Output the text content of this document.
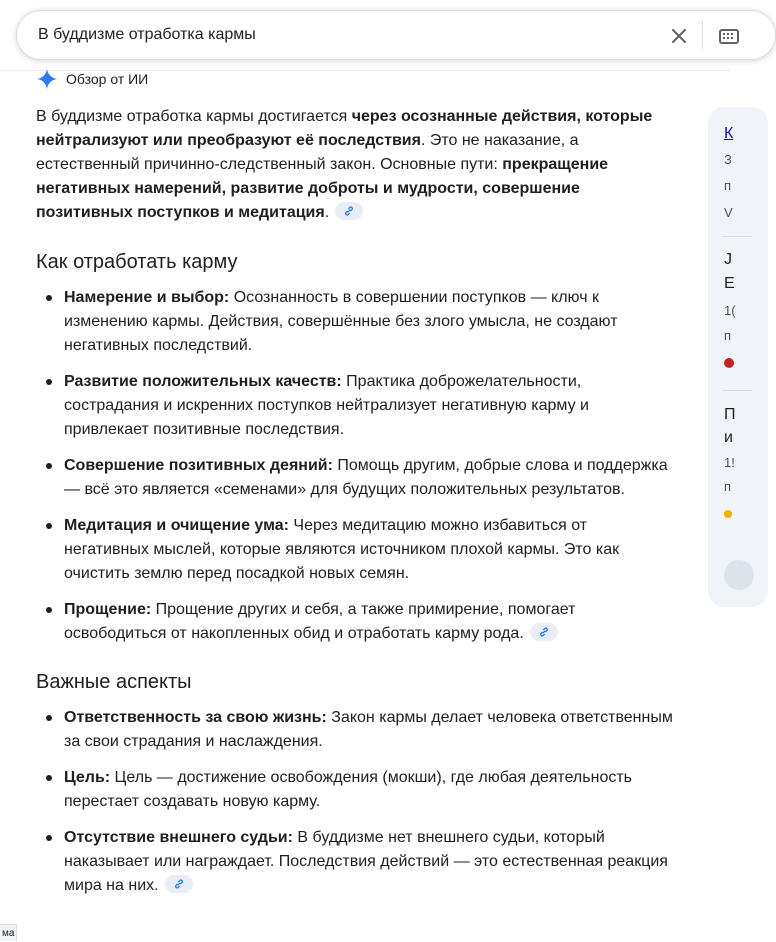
В буддизме отработка кармы
Обзор от ИИ

В буддизме отработка кармы достигается через осознанные действия, которые нейтрализуют или преобразуют её последствия. Это не наказание, а естественный причинно-следственный закон. Основные пути: прекращение негативных намерений, развитие доброты и мудрости, совершение позитивных поступков и медитация.

Как отработать карму
Намерение и выбор: Осознанность в совершении поступков — ключ к изменению кармы. Действия, совершённые без злого умысла, не создают негативных последствий.
Развитие положительных качеств: Практика доброжелательности, сострадания и искренних поступков нейтрализует негативную карму и привлекает позитивные последствия.
Совершение позитивных деяний: Помощь другим, добрые слова и поддержка — всё это является «семенами» для будущих положительных результатов.
Медитация и очищение ума: Через медитацию можно избавиться от негативных мыслей, которые являются источником плохой кармы. Это как очистить землю перед посадкой новых семян.
Прощение: Прощение других и себя, а также примирение, помогает освободиться от накопленных обид и отработать карму рода.
Важные аспекты
Ответственность за свою жизнь: Закон кармы делает человека ответственным за свои страдания и наслаждения.
Цель: Цель — достижение освобождения (мокши), где любая деятельность перестает создавать новую карму.
Отсутствие внешнего судьи: В буддизме нет внешнего судьи, который наказывает или награждает. Последствия действий — это естественная реакция мира на них.
К
З
п
V
J
E
1(
п
П
и
1!
п
ма
